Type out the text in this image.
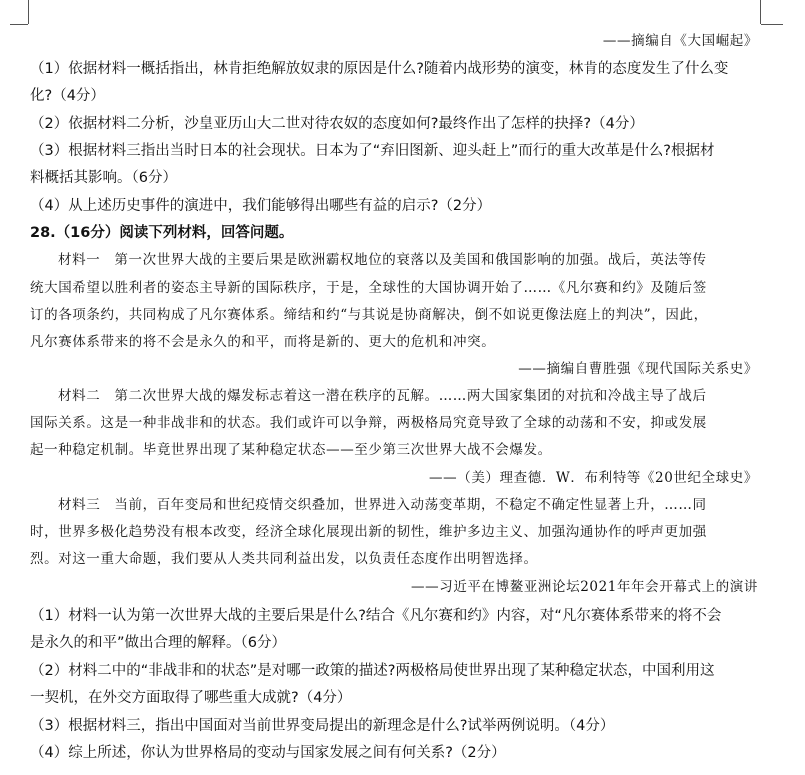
——摘编自《大国崛起》
（1）依据材料一概括指出，林肯拒绝解放奴隶的原因是什么?随着内战形势的演变，林肯的态度发生了什么变
化?（4分）
（2）依据材料二分析，沙皇亚历山大二世对待农奴的态度如何?最终作出了怎样的抉择?（4分）
（3）根据材料三指出当时日本的社会现状。日本为了“弃旧图新、迎头赶上”而行的重大改革是什么?根据材
料概括其影响。（6分）
（4）从上述历史事件的演进中，我们能够得出哪些有益的启示?（2分）
28.（16分）阅读下列材料，回答问题。
材料一　第一次世界大战的主要后果是欧洲霸权地位的衰落以及美国和俄国影响的加强。战后，英法等传
统大国希望以胜利者的姿态主导新的国际秩序，于是，全球性的大国协调开始了……《凡尔赛和约》及随后签
订的各项条约，共同构成了凡尔赛体系。缔结和约“与其说是协商解决，倒不如说更像法庭上的判决”，因此，
凡尔赛体系带来的将不会是永久的和平，而将是新的、更大的危机和冲突。
——摘编自曹胜强《现代国际关系史》
材料二　第二次世界大战的爆发标志着这一潜在秩序的瓦解。……两大国家集团的对抗和冷战主导了战后
国际关系。这是一种非战非和的状态。我们或许可以争辩，两极格局究竟导致了全球的动荡和不安，抑或发展
起一种稳定机制。毕竟世界出现了某种稳定状态——至少第三次世界大战不会爆发。
——（美）理查德．W．布利特等《20世纪全球史》
材料三　当前，百年变局和世纪疫情交织叠加，世界进入动荡变革期，不稳定不确定性显著上升，……同
时，世界多极化趋势没有根本改变，经济全球化展现出新的韧性，维护多边主义、加强沟通协作的呼声更加强
烈。对这一重大命题，我们要从人类共同利益出发，以负责任态度作出明智选择。
——习近平在博鳌亚洲论坛2021年年会开幕式上的演讲
（1）材料一认为第一次世界大战的主要后果是什么?结合《凡尔赛和约》内容，对“凡尔赛体系带来的将不会
是永久的和平”做出合理的解释。（6分）
（2）材料二中的“非战非和的状态”是对哪一政策的描述?两极格局使世界出现了某种稳定状态，中国利用这
一契机，在外交方面取得了哪些重大成就?（4分）
（3）根据材料三，指出中国面对当前世界变局提出的新理念是什么?试举两例说明。（4分）
（4）综上所述，你认为世界格局的变动与国家发展之间有何关系?（2分）
